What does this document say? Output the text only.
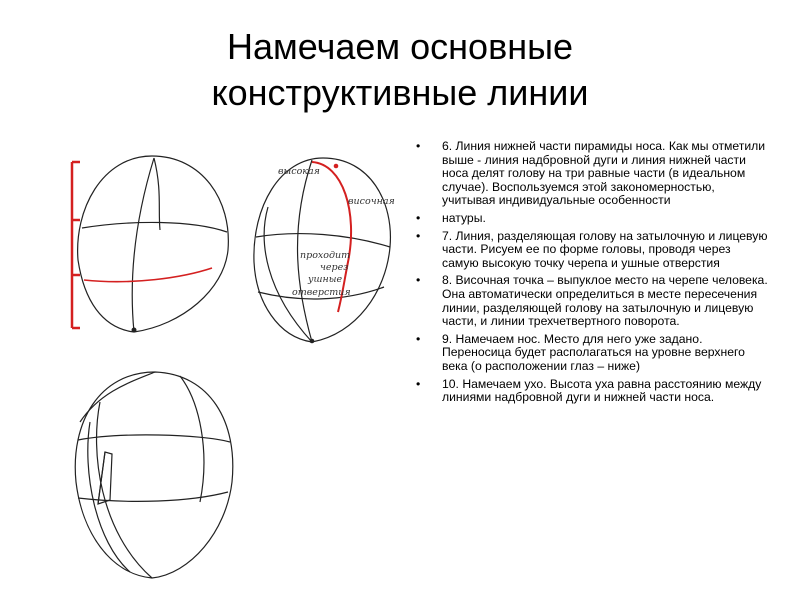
Намечаем основные
конструктивные линии
высокая
височная
проходит
через
ушные
отверстия
• 6. Линия нижней части пирамиды носа. Как мы отметили выше - линия надбровной дуги и линия нижней части носа делят голову на три равные части (в идеальном случае). Воспользуемся этой закономерностью, учитывая индивидуальные особенности
• натуры.
• 7. Линия, разделяющая голову на затылочную и лицевую части. Рисуем ее по форме головы, проводя через самую высокую точку черепа и ушные отверстия
• 8. Височная точка – выпуклое место на черепе человека. Она автоматически определиться в месте пересечения линии, разделяющей голову на затылочную и лицевую части, и линии трехчетвертного поворота.
• 9. Намечаем нос. Место для него уже задано. Переносица будет располагаться на уровне верхнего века (о расположении глаз – ниже)
• 10. Намечаем ухо. Высота уха равна расстоянию между линиями надбровной дуги и нижней части носа.
